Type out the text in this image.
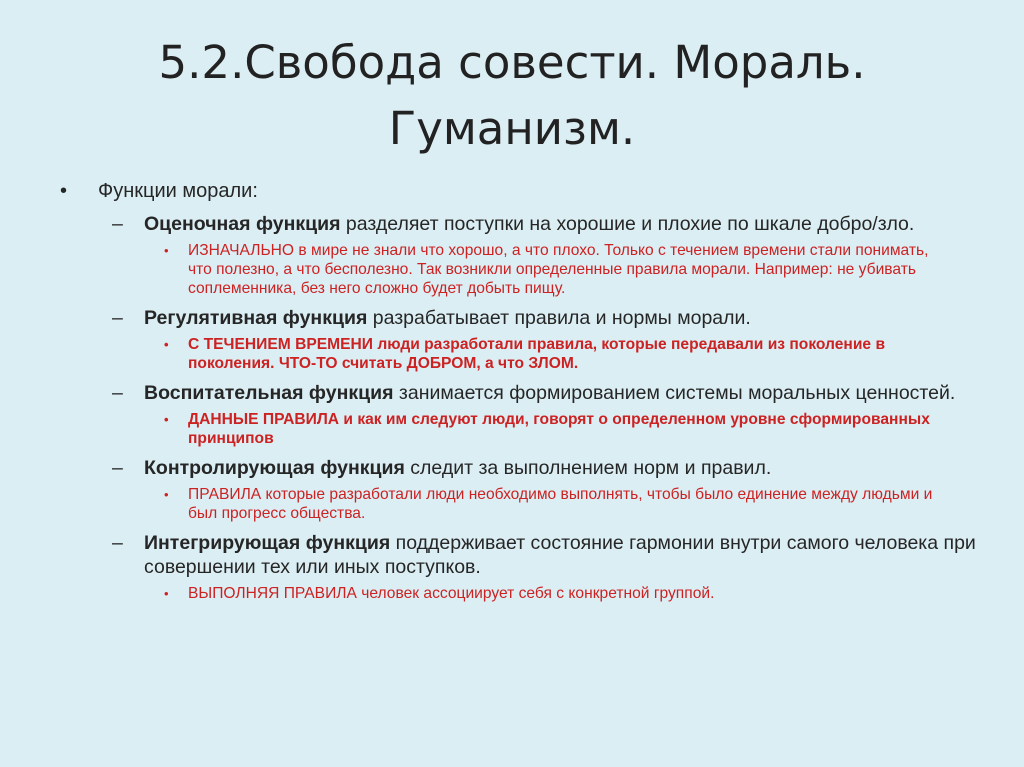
5.2.Свобода совести. Мораль.
Гуманизм.
• Функции морали:
– Оценочная функция разделяет поступки на хорошие и плохие по шкале добро/зло.
• ИЗНАЧАЛЬНО в мире не знали что хорошо, а что плохо. Только с течением времени стали понимать, что полезно, а что бесполезно. Так возникли определенные правила морали. Например: не убивать соплеменника, без него сложно будет добыть пищу.
– Регулятивная функция разрабатывает правила и нормы морали.
• С ТЕЧЕНИЕМ ВРЕМЕНИ люди разработали правила, которые передавали из поколение в поколения. ЧТО-ТО считать ДОБРОМ, а что ЗЛОМ.
– Воспитательная функция занимается формированием системы моральных ценностей.
• ДАННЫЕ ПРАВИЛА и как им следуют люди, говорят о определенном уровне сформированных принципов
– Контролирующая функция следит за выполнением норм и правил.
• ПРАВИЛА которые разработали люди необходимо выполнять, чтобы было единение между людьми и был прогресс общества.
– Интегрирующая функция поддерживает состояние гармонии внутри самого человека при совершении тех или иных поступков.
• ВЫПОЛНЯЯ ПРАВИЛА человек ассоциирует себя с конкретной группой.
